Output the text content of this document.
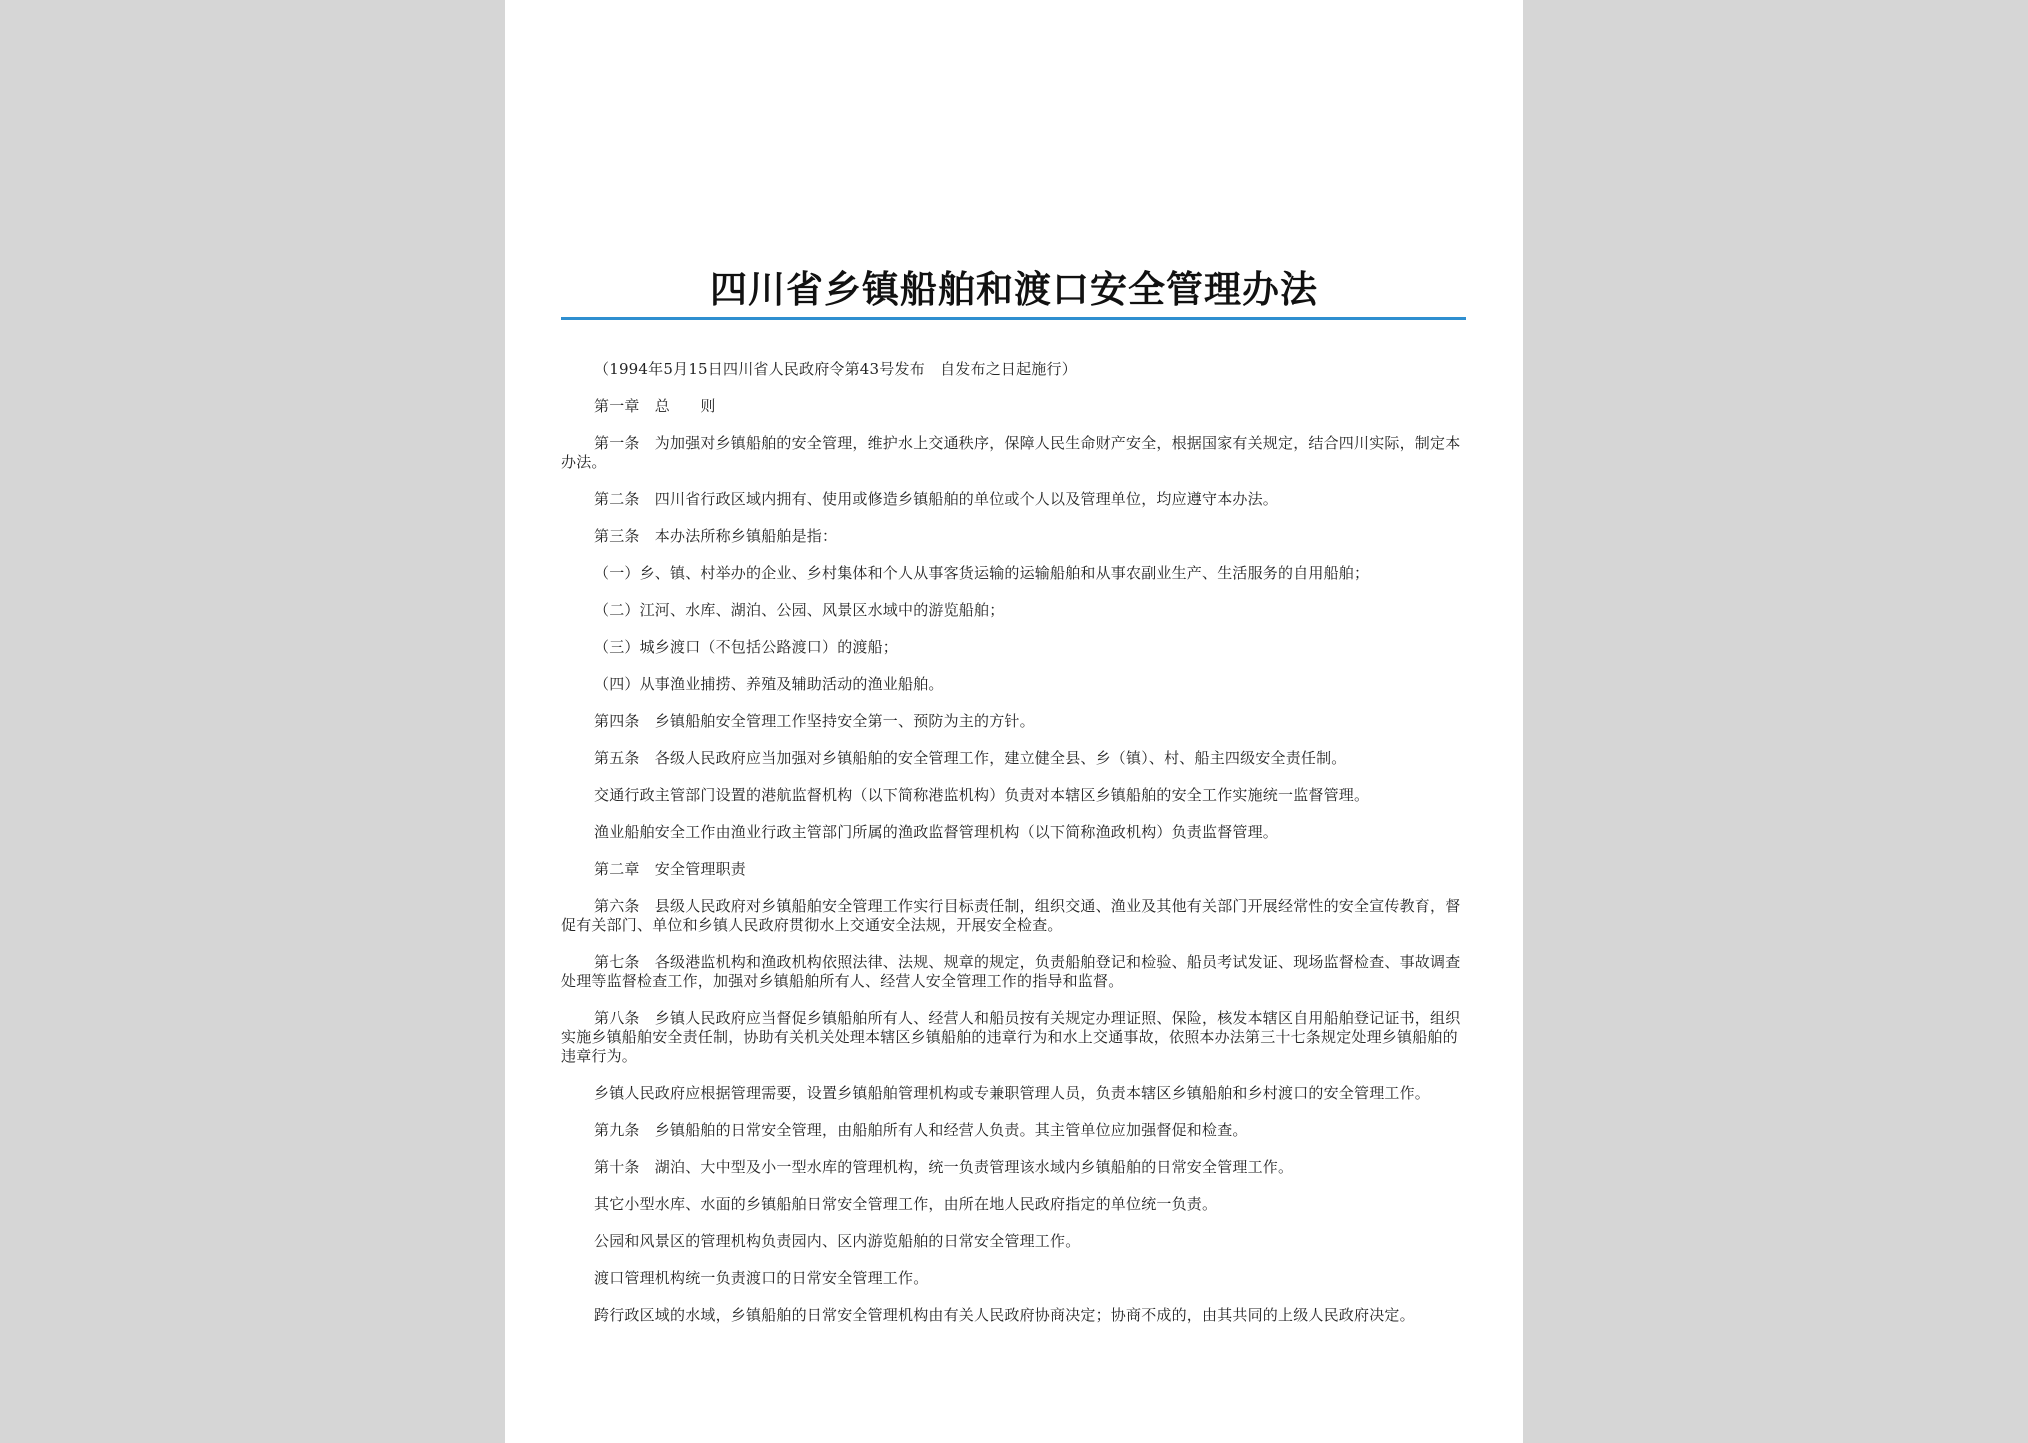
四川省乡镇船舶和渡口安全管理办法

（1994年5月15日四川省人民政府令第43号发布　自发布之日起施行）

第一章　总　　则

第一条　为加强对乡镇船舶的安全管理，维护水上交通秩序，保障人民生命财产安全，根据国家有关规定，结合四川实际，制定本办法。

第二条　四川省行政区域内拥有、使用或修造乡镇船舶的单位或个人以及管理单位，均应遵守本办法。

第三条　本办法所称乡镇船舶是指：

（一）乡、镇、村举办的企业、乡村集体和个人从事客货运输的运输船舶和从事农副业生产、生活服务的自用船舶；

（二）江河、水库、湖泊、公园、风景区水域中的游览船舶；

（三）城乡渡口（不包括公路渡口）的渡船；

（四）从事渔业捕捞、养殖及辅助活动的渔业船舶。

第四条　乡镇船舶安全管理工作坚持安全第一、预防为主的方针。

第五条　各级人民政府应当加强对乡镇船舶的安全管理工作，建立健全县、乡（镇）、村、船主四级安全责任制。

交通行政主管部门设置的港航监督机构（以下简称港监机构）负责对本辖区乡镇船舶的安全工作实施统一监督管理。

渔业船舶安全工作由渔业行政主管部门所属的渔政监督管理机构（以下简称渔政机构）负责监督管理。

第二章　安全管理职责

第六条　县级人民政府对乡镇船舶安全管理工作实行目标责任制，组织交通、渔业及其他有关部门开展经常性的安全宣传教育，督促有关部门、单位和乡镇人民政府贯彻水上交通安全法规，开展安全检查。

第七条　各级港监机构和渔政机构依照法律、法规、规章的规定，负责船舶登记和检验、船员考试发证、现场监督检查、事故调查处理等监督检查工作，加强对乡镇船舶所有人、经营人安全管理工作的指导和监督。

第八条　乡镇人民政府应当督促乡镇船舶所有人、经营人和船员按有关规定办理证照、保险，核发本辖区自用船舶登记证书，组织实施乡镇船舶安全责任制，协助有关机关处理本辖区乡镇船舶的违章行为和水上交通事故，依照本办法第三十七条规定处理乡镇船舶的违章行为。

乡镇人民政府应根据管理需要，设置乡镇船舶管理机构或专兼职管理人员，负责本辖区乡镇船舶和乡村渡口的安全管理工作。

第九条　乡镇船舶的日常安全管理，由船舶所有人和经营人负责。其主管单位应加强督促和检查。

第十条　湖泊、大中型及小一型水库的管理机构，统一负责管理该水域内乡镇船舶的日常安全管理工作。

其它小型水库、水面的乡镇船舶日常安全管理工作，由所在地人民政府指定的单位统一负责。

公园和风景区的管理机构负责园内、区内游览船舶的日常安全管理工作。

渡口管理机构统一负责渡口的日常安全管理工作。

跨行政区域的水域，乡镇船舶的日常安全管理机构由有关人民政府协商决定；协商不成的，由其共同的上级人民政府决定。
